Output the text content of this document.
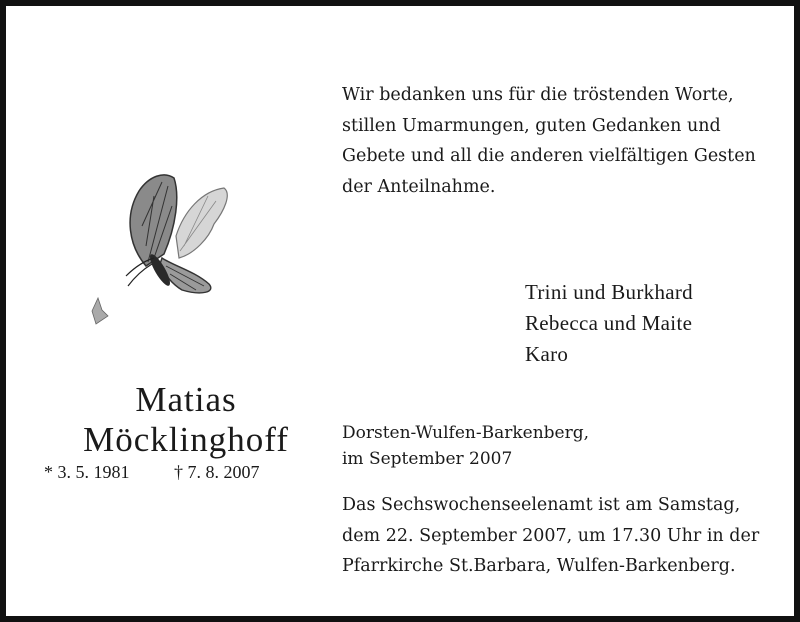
Wir bedanken uns für die tröstenden Worte,
stillen Umarmungen, guten Gedanken und
Gebete und all die anderen vielfältigen Gesten
der Anteilnahme.
Matias
Möcklinghoff
* 3. 5. 1981 † 7. 8. 2007
Trini und Burkhard
Rebecca und Maite
Karo
Dorsten-Wulfen-Barkenberg,
im September 2007
Das Sechswochenseelenamt ist am Samstag,
dem 22. September 2007, um 17.30 Uhr in der
Pfarrkirche St.Barbara, Wulfen-Barkenberg.
